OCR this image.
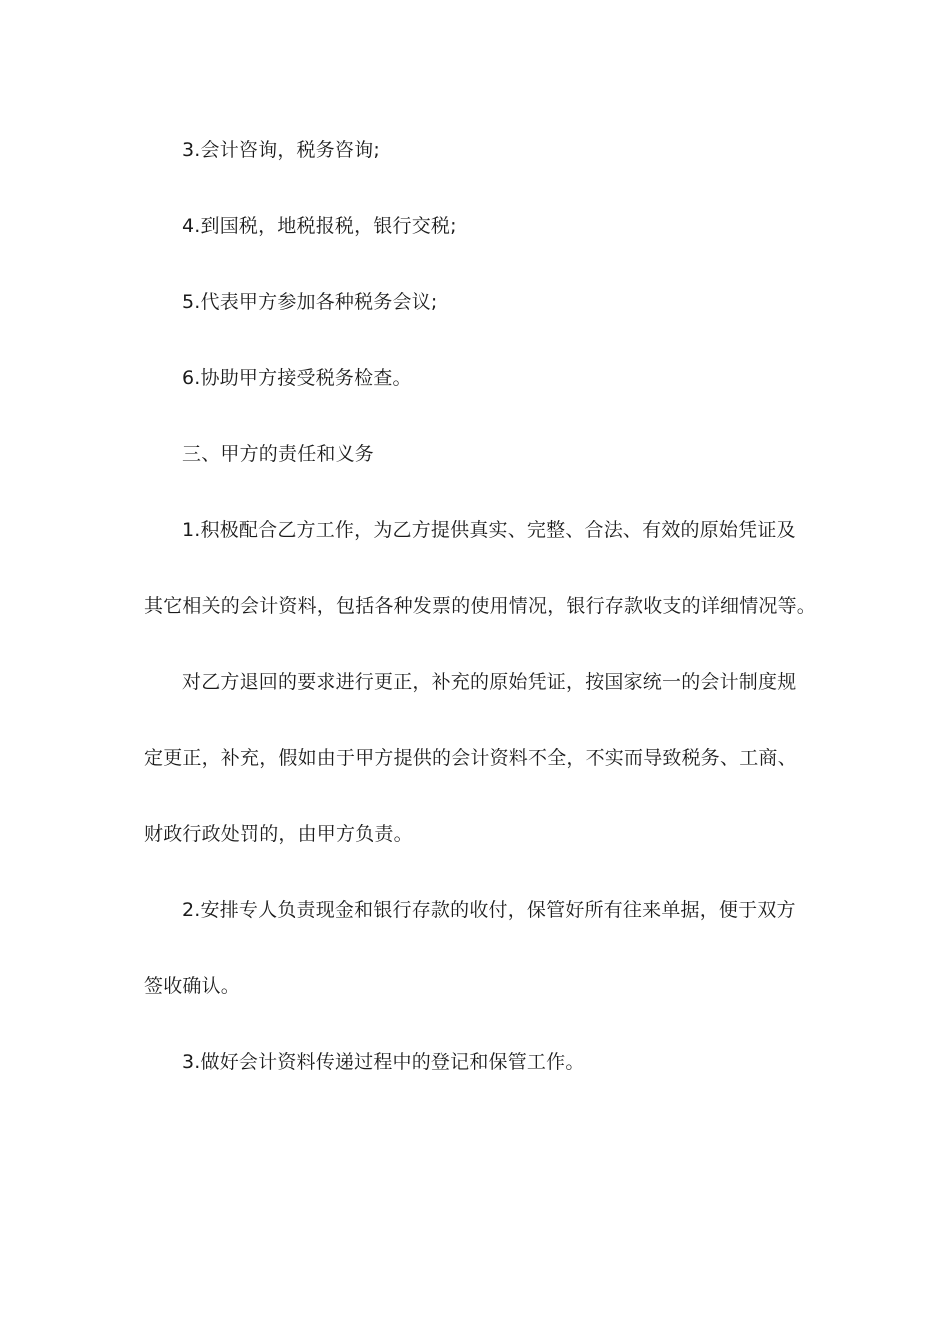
3.会计咨询，税务咨询;
4.到国税，地税报税，银行交税;
5.代表甲方参加各种税务会议;
6.协助甲方接受税务检查。
三、甲方的责任和义务
1.积极配合乙方工作，为乙方提供真实、完整、合法、有效的原始凭证及
其它相关的会计资料，包括各种发票的使用情况，银行存款收支的详细情况等。
对乙方退回的要求进行更正，补充的原始凭证，按国家统一的会计制度规
定更正，补充，假如由于甲方提供的会计资料不全，不实而导致税务、工商、
财政行政处罚的，由甲方负责。
2.安排专人负责现金和银行存款的收付，保管好所有往来单据，便于双方
签收确认。
3.做好会计资料传递过程中的登记和保管工作。
